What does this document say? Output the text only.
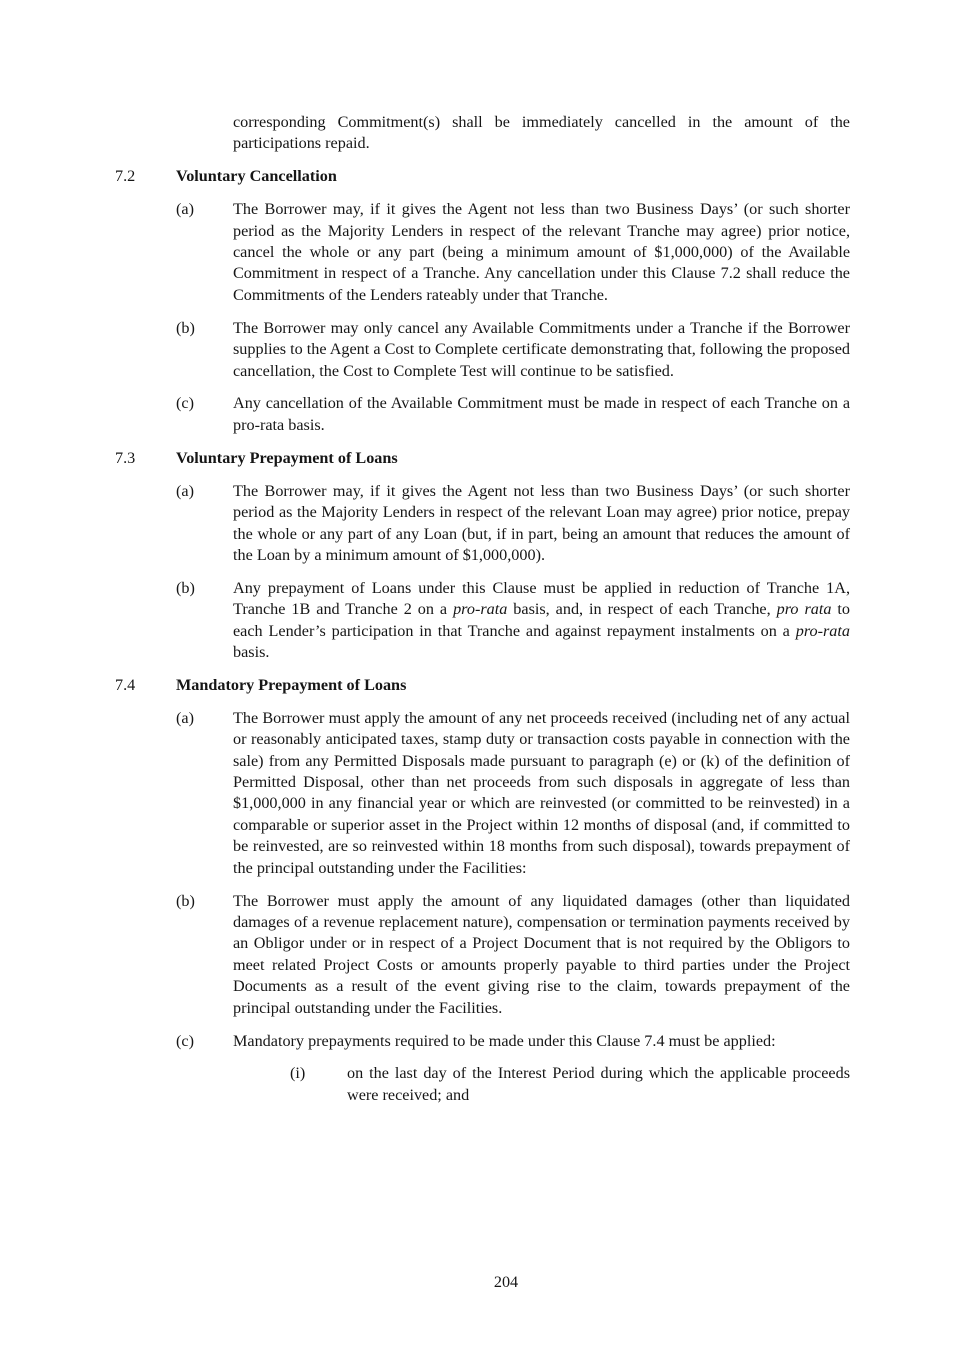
corresponding Commitment(s) shall be immediately cancelled in the amount of the participations repaid.
7.2	Voluntary Cancellation
(a)	The Borrower may, if it gives the Agent not less than two Business Days’ (or such shorter period as the Majority Lenders in respect of the relevant Tranche may agree) prior notice, cancel the whole or any part (being a minimum amount of $1,000,000) of the Available Commitment in respect of a Tranche. Any cancellation under this Clause 7.2 shall reduce the Commitments of the Lenders rateably under that Tranche.
(b)	The Borrower may only cancel any Available Commitments under a Tranche if the Borrower supplies to the Agent a Cost to Complete certificate demonstrating that, following the proposed cancellation, the Cost to Complete Test will continue to be satisfied.
(c)	Any cancellation of the Available Commitment must be made in respect of each Tranche on a pro-rata basis.
7.3	Voluntary Prepayment of Loans
(a)	The Borrower may, if it gives the Agent not less than two Business Days’ (or such shorter period as the Majority Lenders in respect of the relevant Loan may agree) prior notice, prepay the whole or any part of any Loan (but, if in part, being an amount that reduces the amount of the Loan by a minimum amount of $1,000,000).
(b)	Any prepayment of Loans under this Clause must be applied in reduction of Tranche 1A, Tranche 1B and Tranche 2 on a pro-rata basis, and, in respect of each Tranche, pro rata to each Lender’s participation in that Tranche and against repayment instalments on a pro-rata basis.
7.4	Mandatory Prepayment of Loans
(a)	The Borrower must apply the amount of any net proceeds received (including net of any actual or reasonably anticipated taxes, stamp duty or transaction costs payable in connection with the sale) from any Permitted Disposals made pursuant to paragraph (e) or (k) of the definition of Permitted Disposal, other than net proceeds from such disposals in aggregate of less than $1,000,000 in any financial year or which are reinvested (or committed to be reinvested) in a comparable or superior asset in the Project within 12 months of disposal (and, if committed to be reinvested, are so reinvested within 18 months from such disposal), towards prepayment of the principal outstanding under the Facilities:
(b)	The Borrower must apply the amount of any liquidated damages (other than liquidated damages of a revenue replacement nature), compensation or termination payments received by an Obligor under or in respect of a Project Document that is not required by the Obligors to meet related Project Costs or amounts properly payable to third parties under the Project Documents as a result of the event giving rise to the claim, towards prepayment of the principal outstanding under the Facilities.
(c)	Mandatory prepayments required to be made under this Clause 7.4 must be applied:
(i)	on the last day of the Interest Period during which the applicable proceeds were received; and
204
